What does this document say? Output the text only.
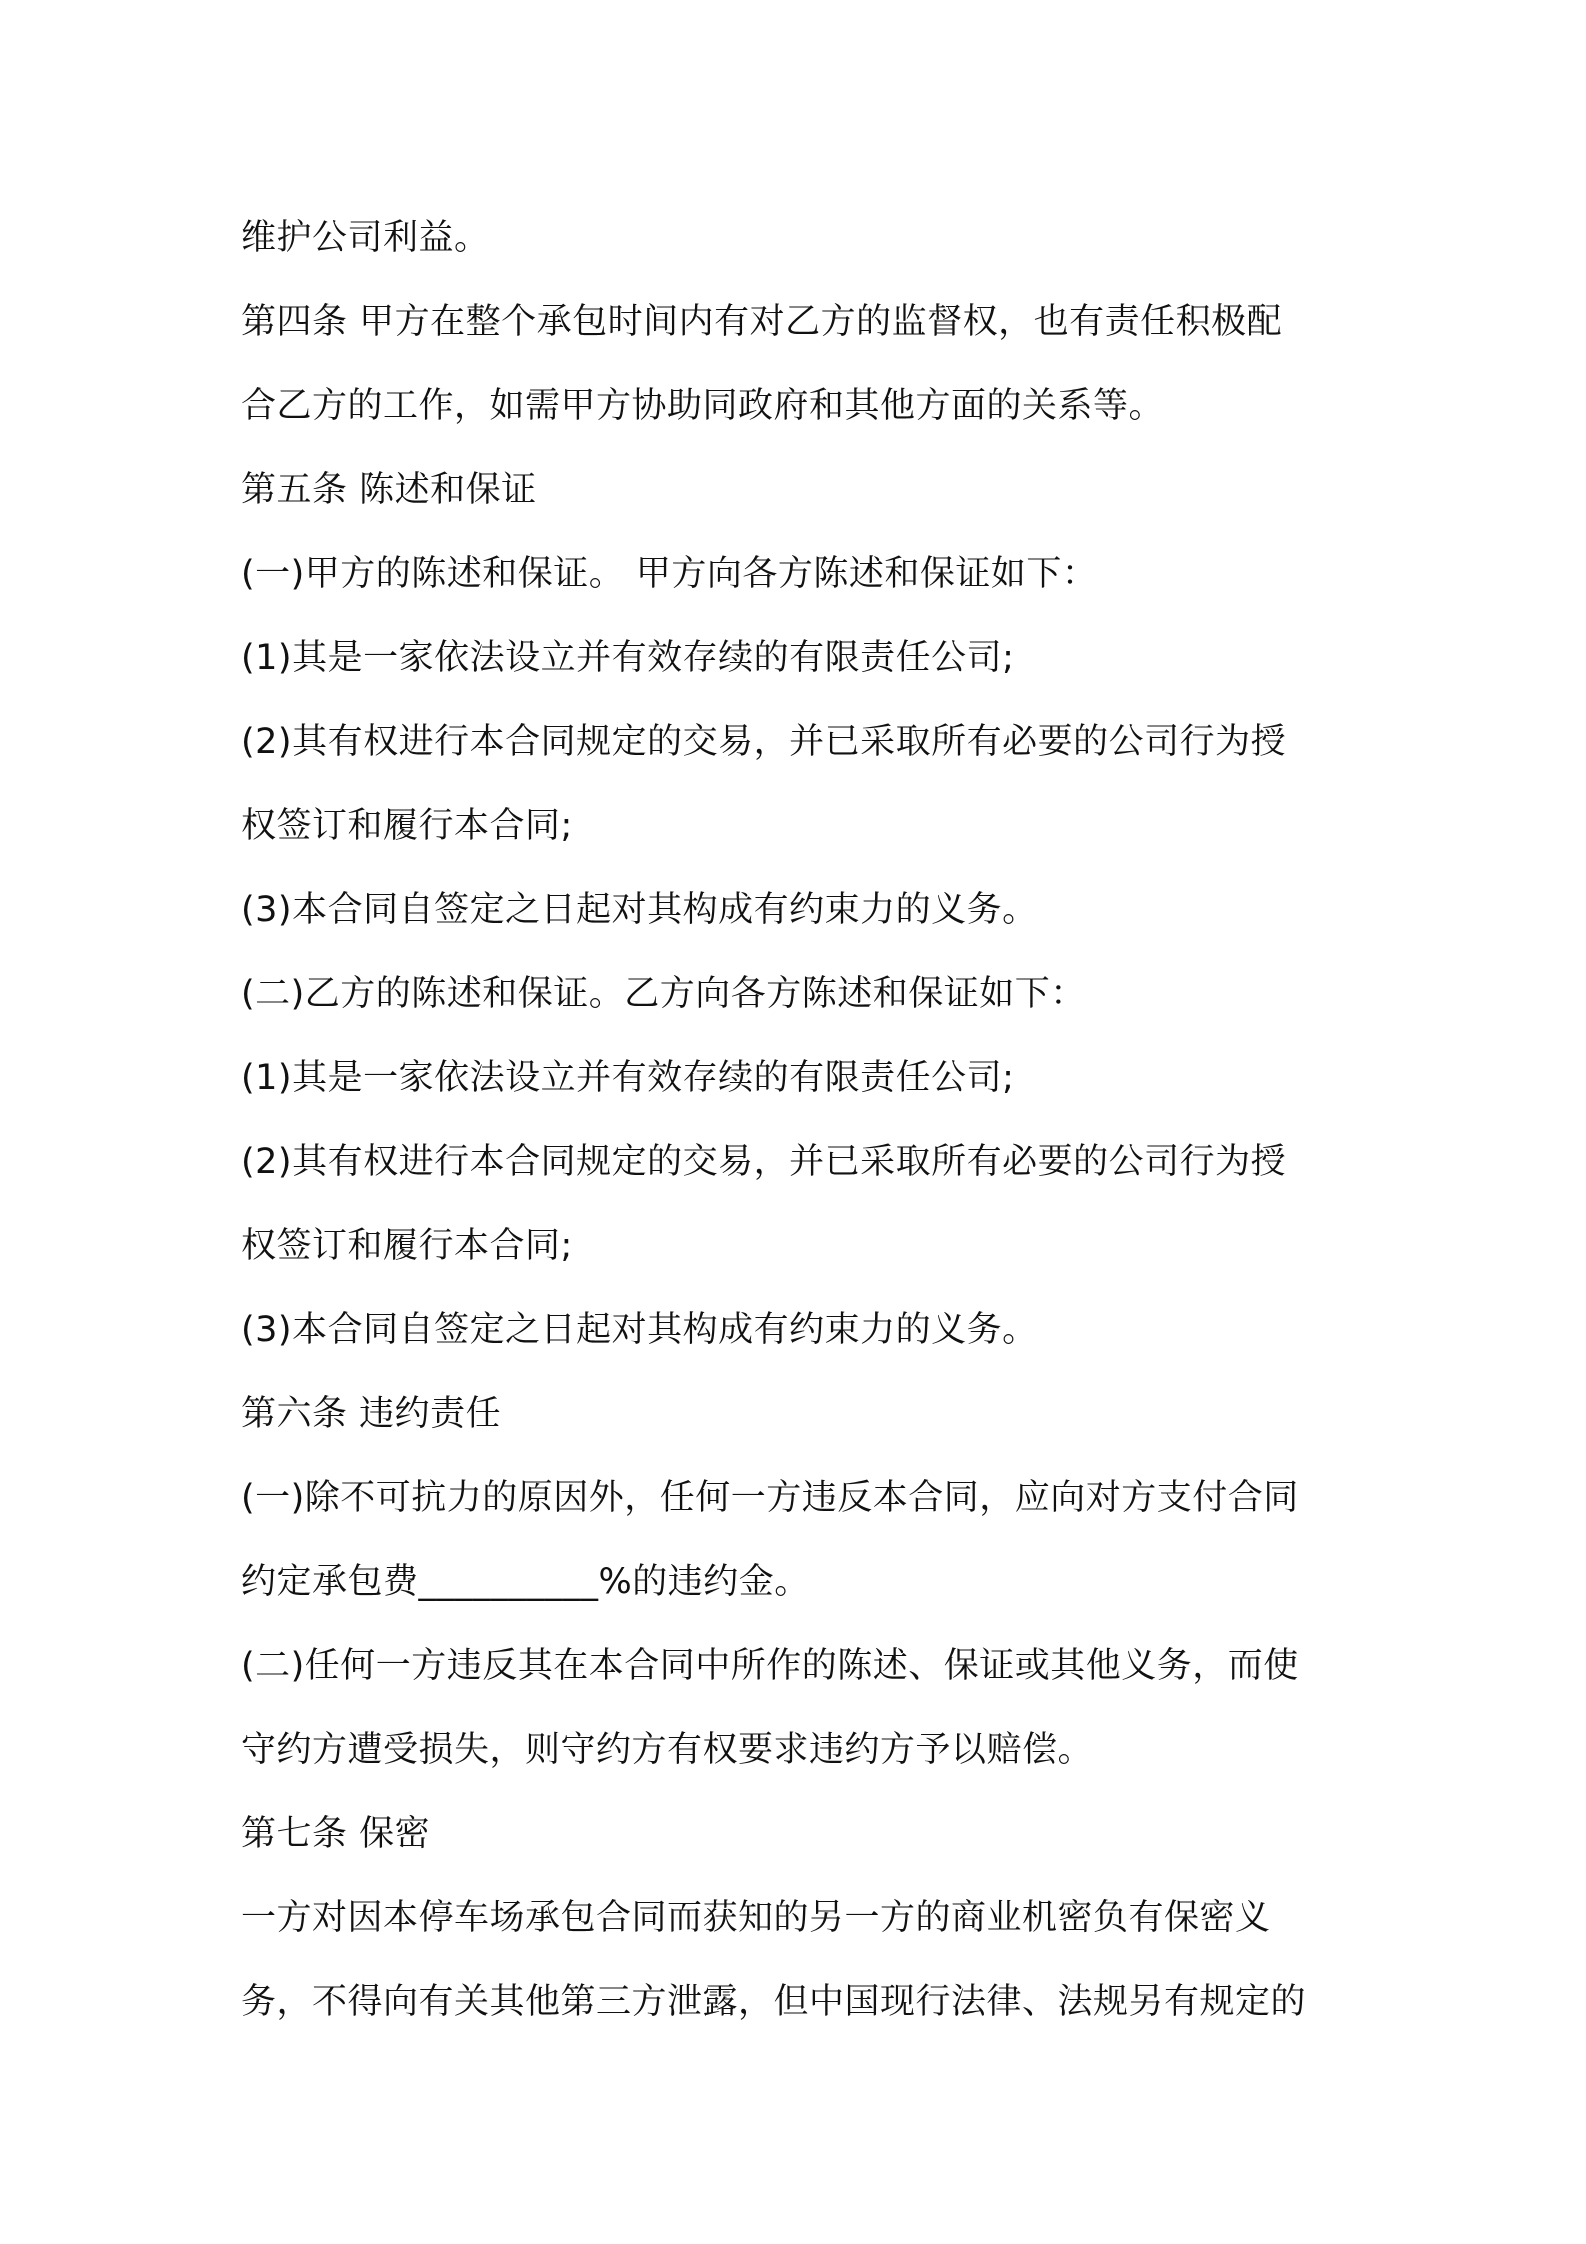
维护公司利益。
第四条 甲方在整个承包时间内有对乙方的监督权，也有责任积极配
合乙方的工作，如需甲方协助同政府和其他方面的关系等。
第五条 陈述和保证
(一)甲方的陈述和保证。 甲方向各方陈述和保证如下：
(1)其是一家依法设立并有效存续的有限责任公司;
(2)其有权进行本合同规定的交易，并已采取所有必要的公司行为授
权签订和履行本合同;
(3)本合同自签定之日起对其构成有约束力的义务。
(二)乙方的陈述和保证。乙方向各方陈述和保证如下：
(1)其是一家依法设立并有效存续的有限责任公司;
(2)其有权进行本合同规定的交易，并已采取所有必要的公司行为授
权签订和履行本合同;
(3)本合同自签定之日起对其构成有约束力的义务。
第六条 违约责任
(一)除不可抗力的原因外，任何一方违反本合同，应向对方支付合同
约定承包费__________%的违约金。
(二)任何一方违反其在本合同中所作的陈述、保证或其他义务，而使
守约方遭受损失，则守约方有权要求违约方予以赔偿。
第七条 保密
一方对因本停车场承包合同而获知的另一方的商业机密负有保密义
务，不得向有关其他第三方泄露，但中国现行法律、法规另有规定的
